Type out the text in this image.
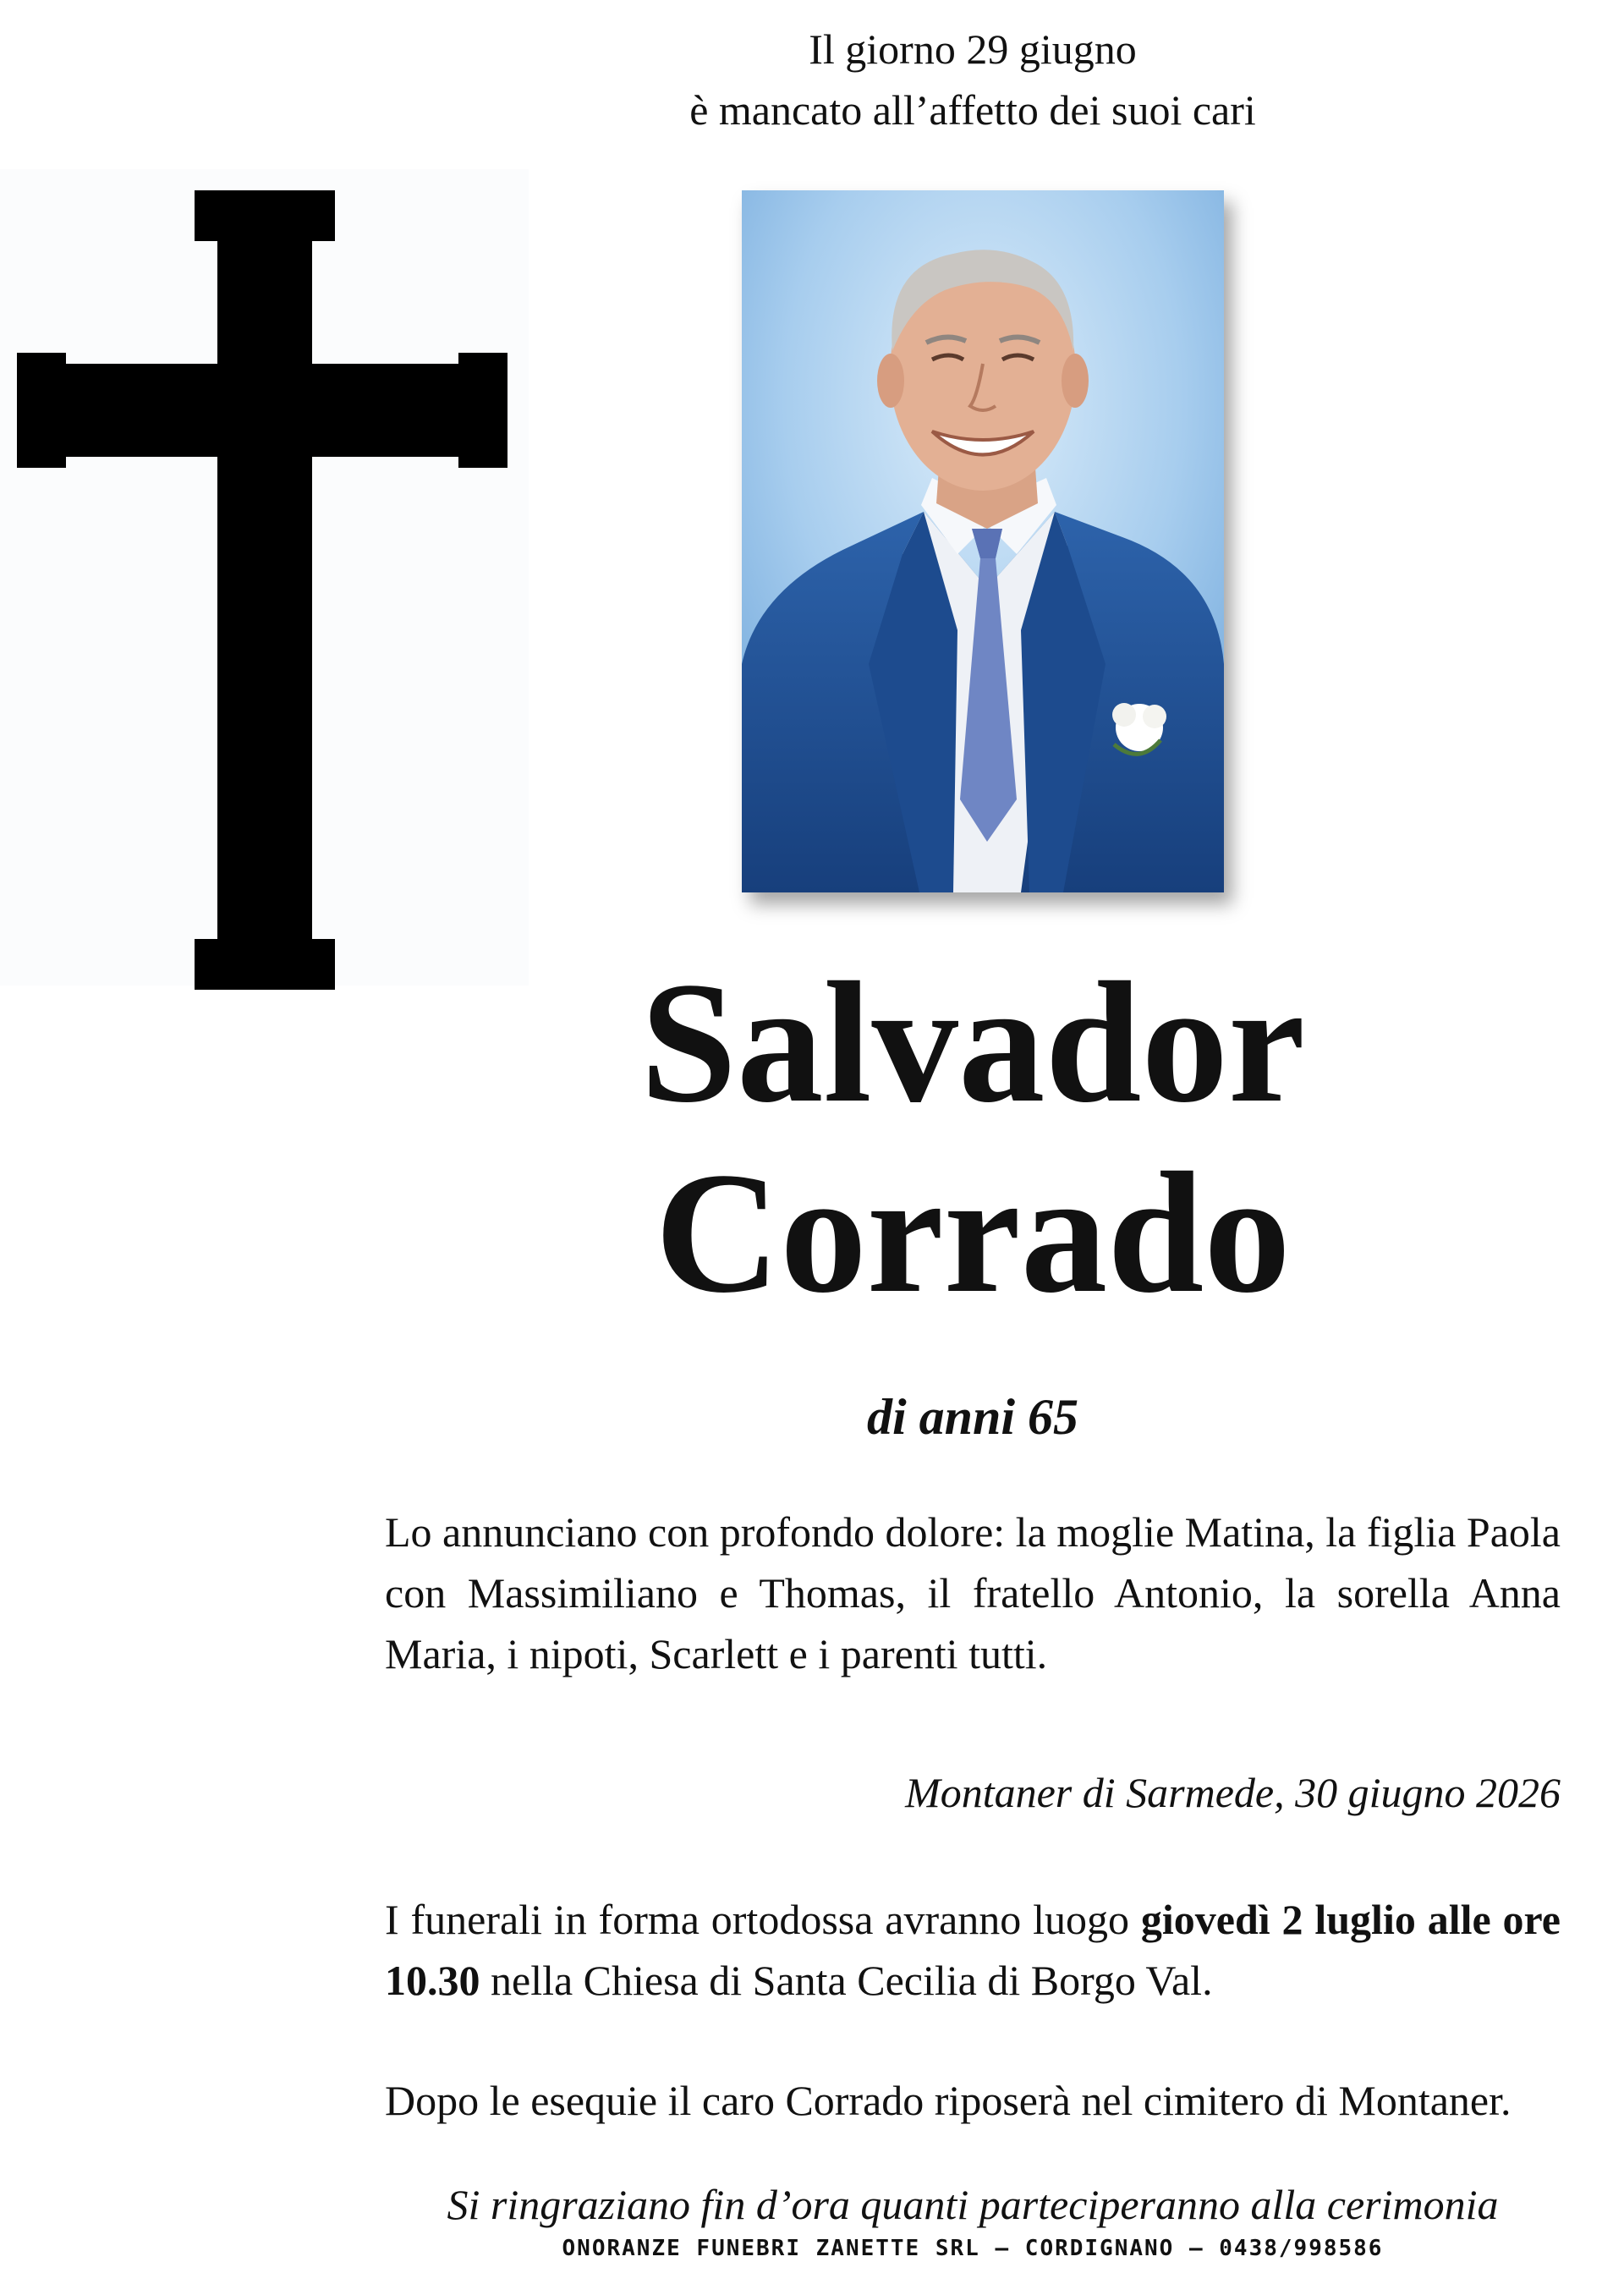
Il giorno 29 giugno
è mancato all’affetto dei suoi cari
Salvador
Corrado
di anni 65
Lo annunciano con profondo dolore: la moglie Matina, la figlia Paola con Massimiliano e Thomas, il fratello Antonio, la sorella Anna Maria, i nipoti, Scarlett e i parenti tutti.
Montaner di Sarmede, 30 giugno 2026
I funerali in forma ortodossa avranno luogo giovedì 2 luglio alle ore 10.30 nella Chiesa di Santa Cecilia di Borgo Val.
Dopo le esequie il caro Corrado riposerà nel cimitero di Montaner.
Si ringraziano fin d’ora quanti parteciperanno alla cerimonia
ONORANZE FUNEBRI ZANETTE SRL – CORDIGNANO – 0438/998586
